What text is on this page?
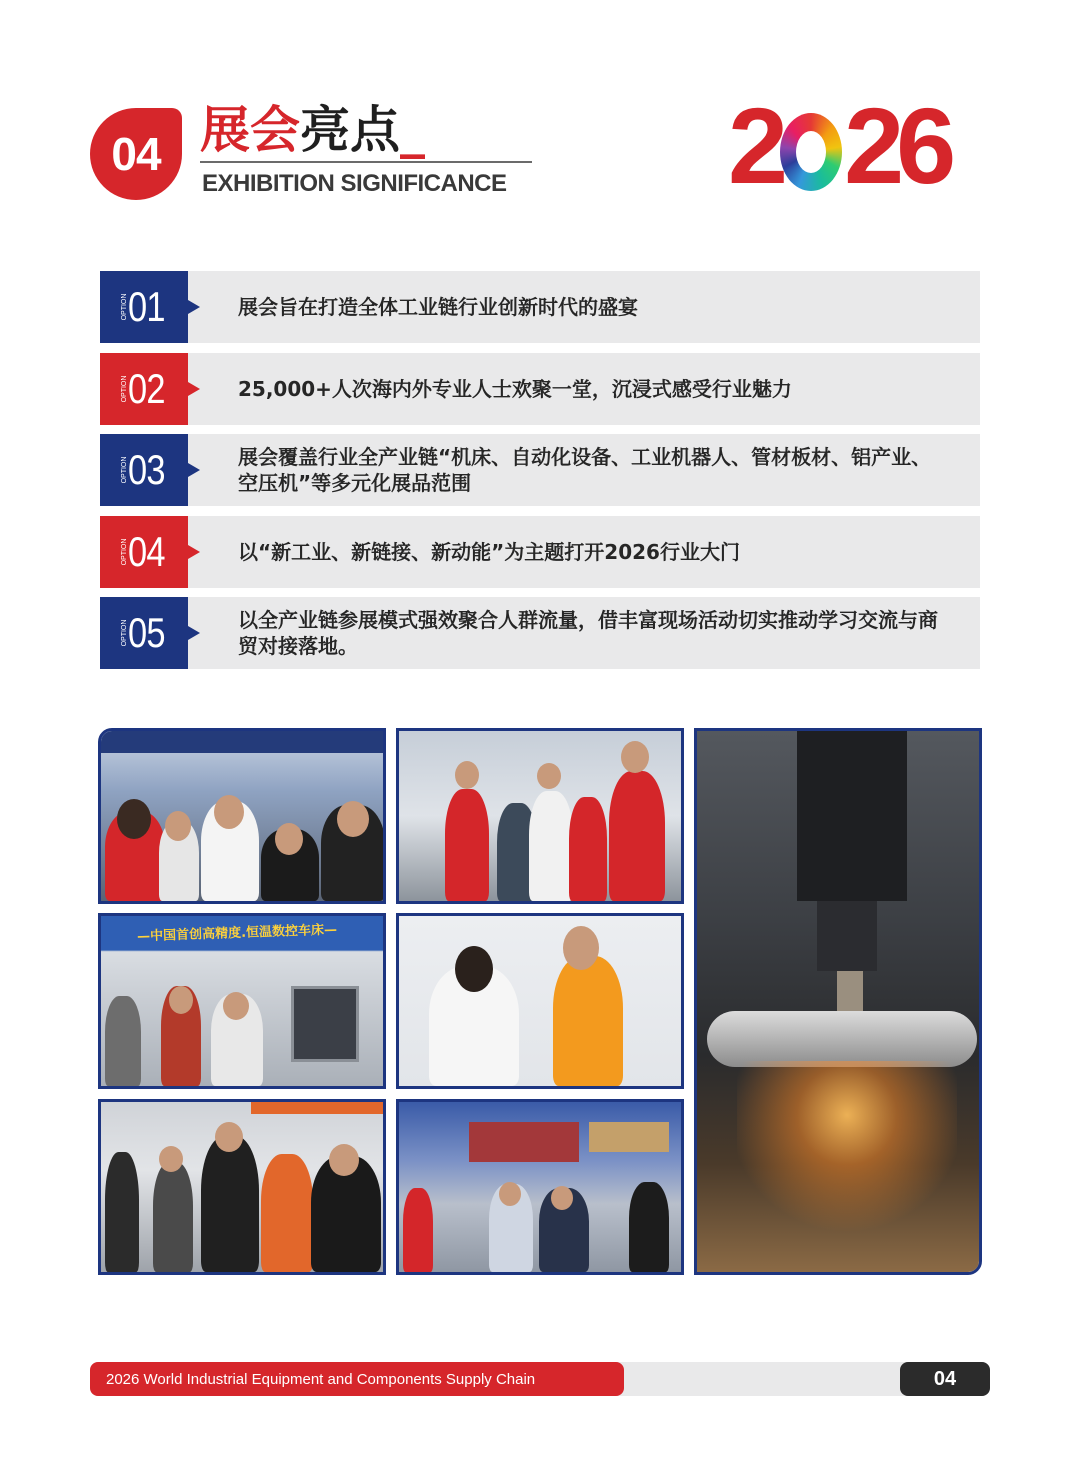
04 展会亮点_
EXHIBITION SIGNIFICANCE 2 26
OPTION 01	展会旨在打造全体工业链行业创新时代的盛宴
OPTION 02	25,000+人次海内外专业人士欢聚一堂，沉浸式感受行业魅力
OPTION 03	展会覆盖行业全产业链“机床、自动化设备、工业机器人、管材板材、铝产业、空压机”等多元化展品范围
OPTION 04	以“新工业、新链接、新动能”为主题打开2026行业大门
OPTION 05	以全产业链参展模式强效聚合人群流量，借丰富现场活动切实推动学习交流与商贸对接落地。
—中国首创高精度.恒温数控车床—
2026 World Industrial Equipment and Components Supply Chain	04
